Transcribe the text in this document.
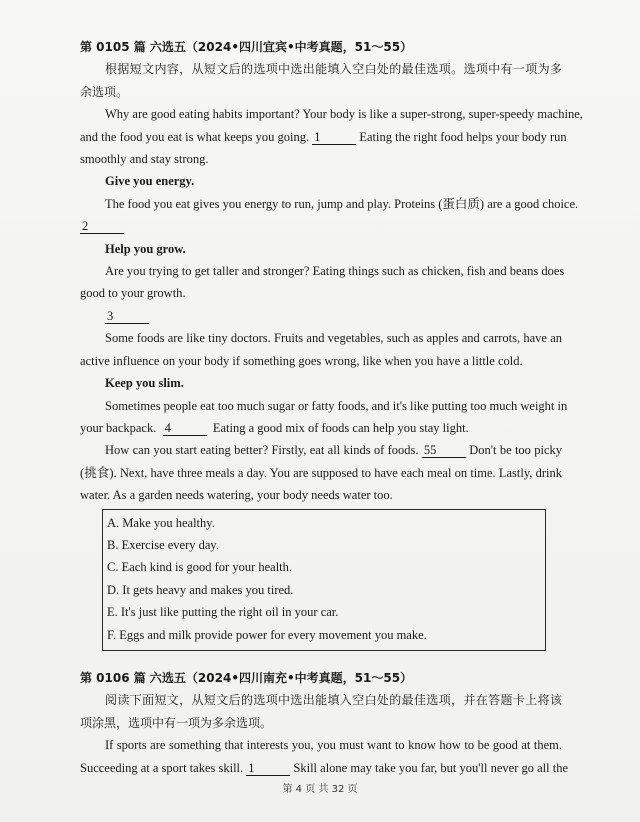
第 0105 篇 六选五（2024•四川宜宾•中考真题，51～55）
根据短文内容，从短文后的选项中选出能填入空白处的最佳选项。选项中有一项为多
余选项。
Why are good eating habits important? Your body is like a super-strong, super-speedy machine,
and the food you eat is what keeps you going. 1	Eating the right food helps your body run
smoothly and stay strong.
Give you energy.
The food you eat gives you energy to run, jump and play. Proteins (蛋白质) are a good choice.
2
Help you grow.
Are you trying to get taller and stronger? Eating things such as chicken, fish and beans does
good to your growth.
3
Some foods are like tiny doctors. Fruits and vegetables, such as apples and carrots, have an
active influence on your body if something goes wrong, like when you have a little cold.
Keep you slim.
Sometimes people eat too much sugar or fatty foods, and it's like putting too much weight in
your backpack. 4	Eating a good mix of foods can help you stay light.
How can you start eating better? Firstly, eat all kinds of foods. 55	Don't be too picky
(挑食). Next, have three meals a day. You are supposed to have each meal on time. Lastly, drink
water. As a garden needs watering, your body needs water too.
A. Make you healthy.
B. Exercise every day.
C. Each kind is good for your health.
D. It gets heavy and makes you tired.
E. It's just like putting the right oil in your car.
F. Eggs and milk provide power for every movement you make.
第 0106 篇 六选五（2024•四川南充•中考真题，51～55）
阅读下面短文，从短文后的选项中选出能填入空白处的最佳选项，并在答题卡上将该
项涂黑，选项中有一项为多余选项。
If sports are something that interests you, you must want to know how to be good at them.
Succeeding at a sport takes skill. 1	Skill alone may take you far, but you'll never go all the
第 4 页 共 32 页
